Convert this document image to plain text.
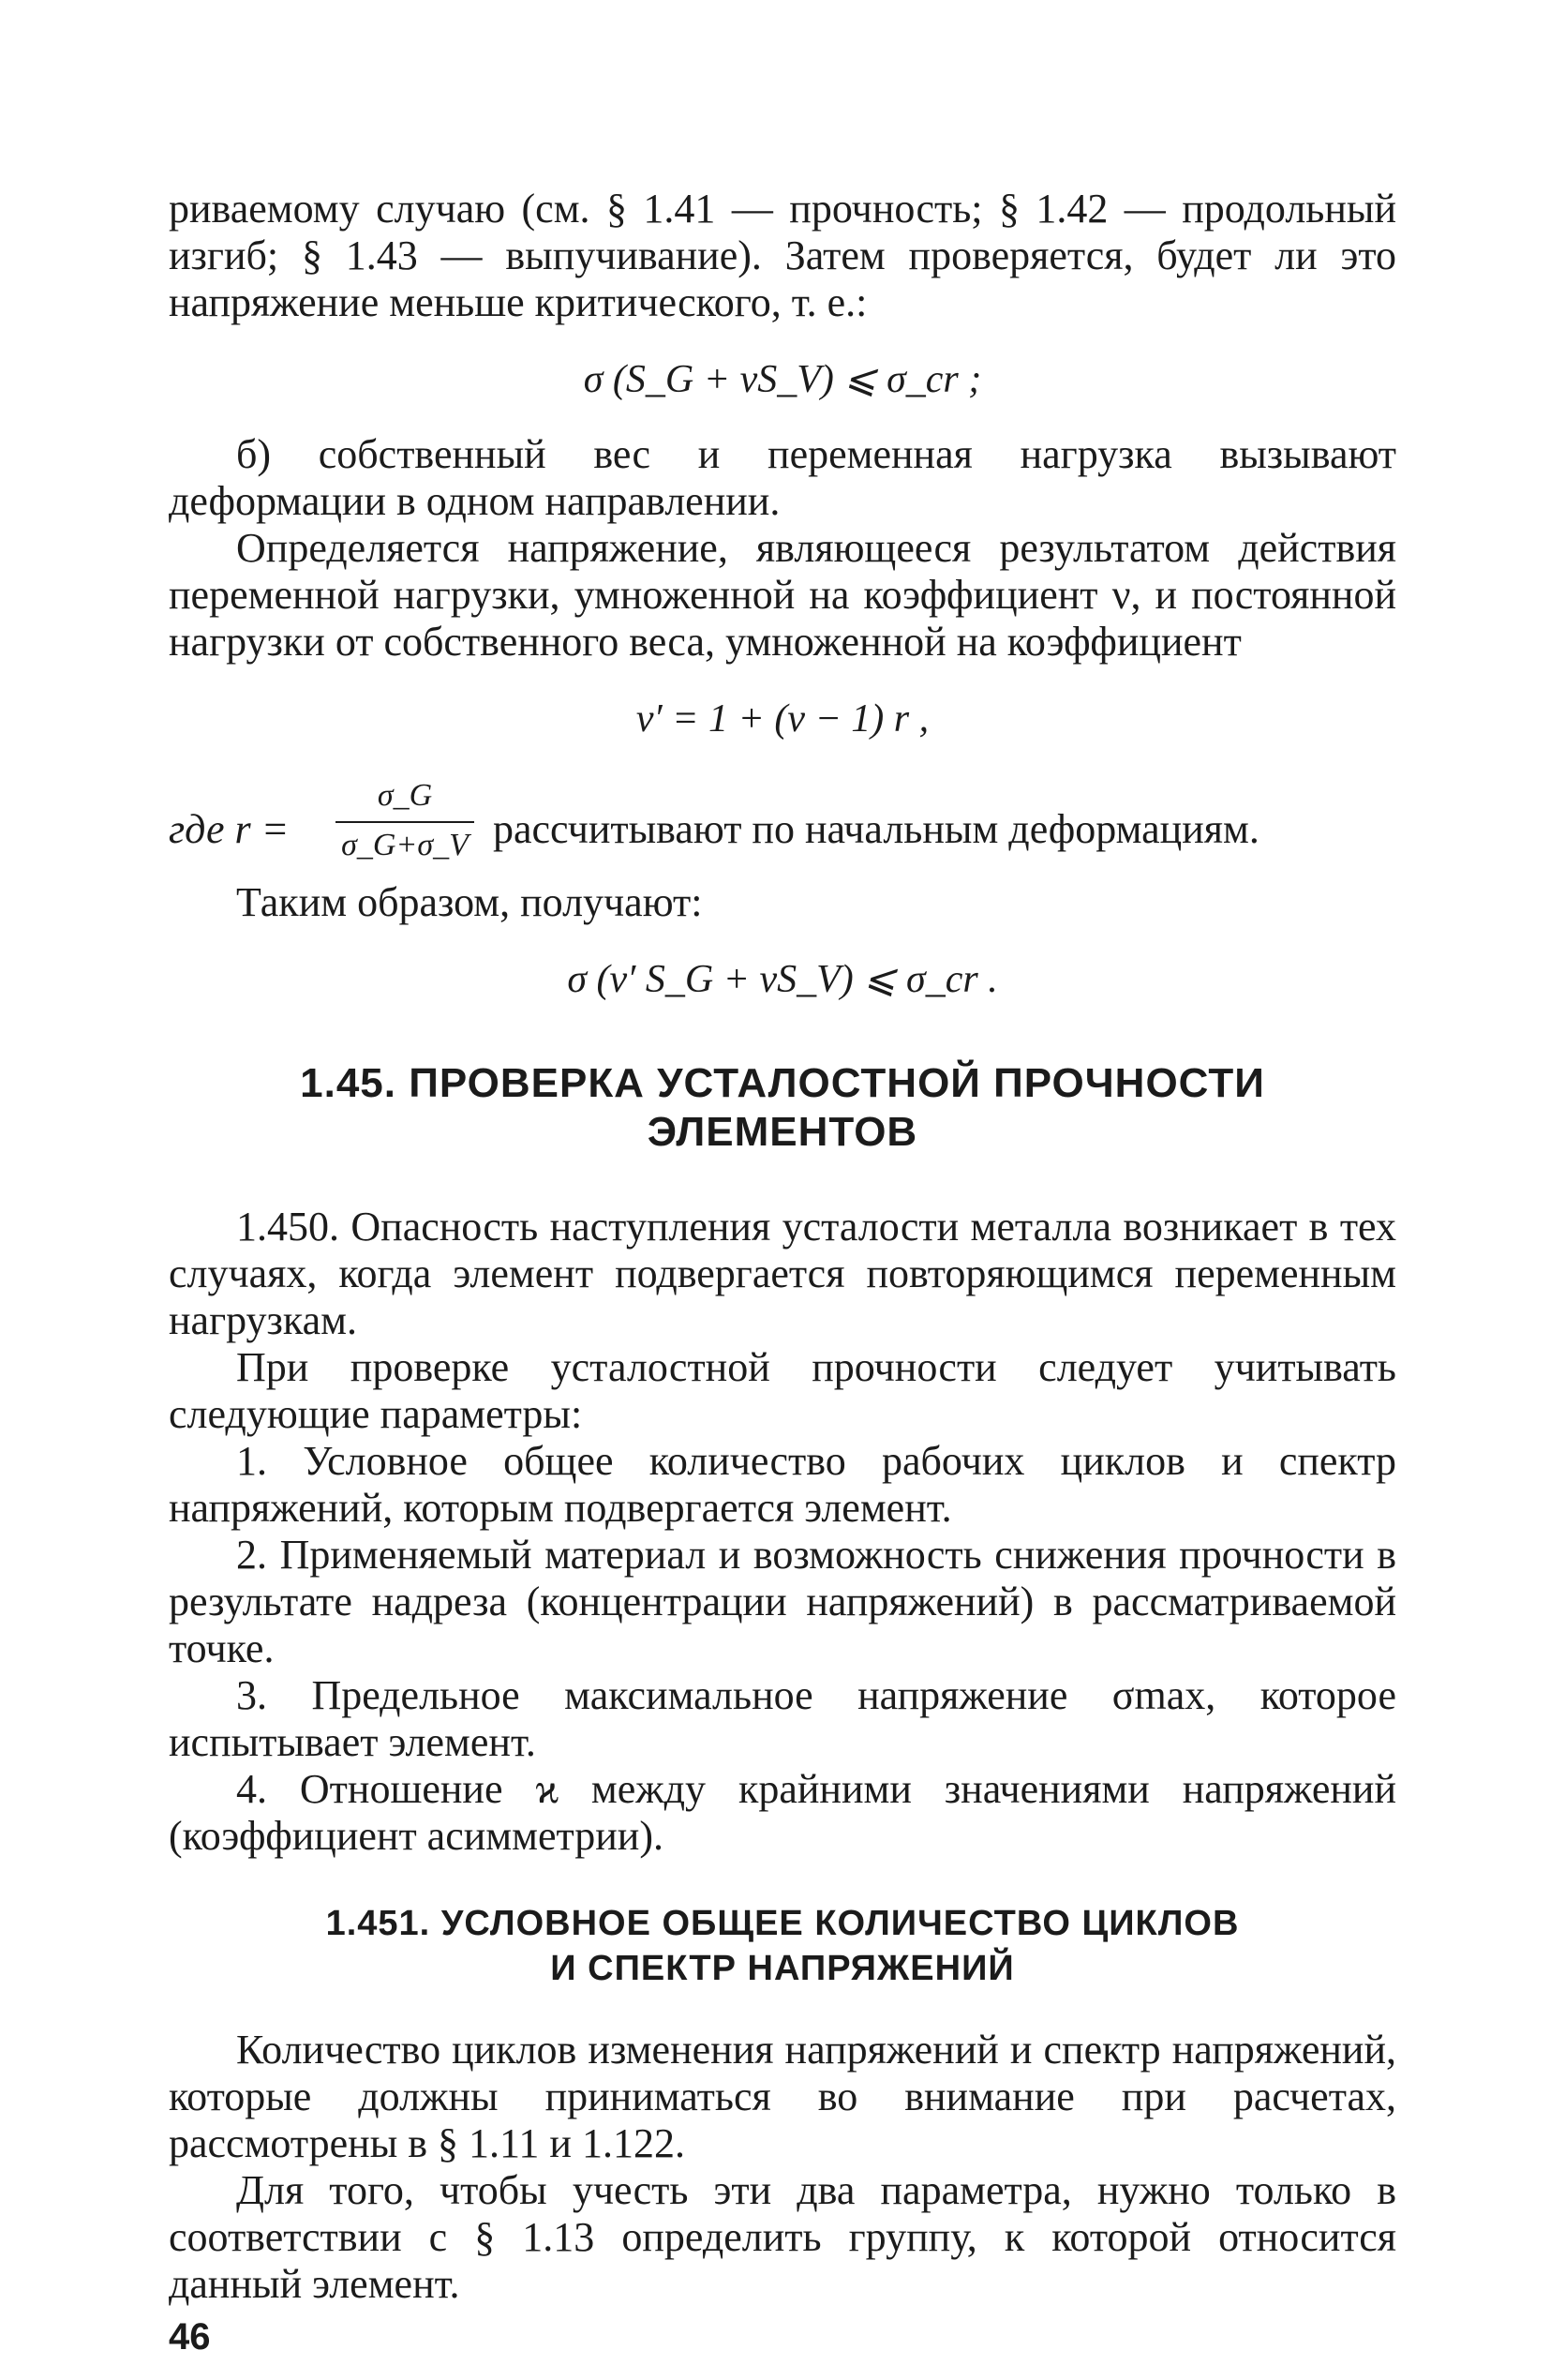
риваемому случаю (см. § 1.41 — прочность; § 1.42 — продольный изгиб; § 1.43 — выпучивание). Затем проверяется, будет ли это напряжение меньше критического, т. е.:

σ (S_G + νS_V) ⩽ σ_cr ;

б) собственный вес и переменная нагрузка вызывают деформации в одном направлении.

Определяется напряжение, являющееся результатом действия переменной нагрузки, умноженной на коэффициент ν, и постоянной нагрузки от собственного веса, умноженной на коэффициент

ν′ = 1 + (ν − 1) r ,
где r =
σ_G
σ_G+σ_V рассчитывают по начальным деформациям.

Таким образом, получают:

σ (ν′ S_G + νS_V) ⩽ σ_cr .
1.45. ПРОВЕРКА УСТАЛОСТНОЙ ПРОЧНОСТИ
ЭЛЕМЕНТОВ

1.450. Опасность наступления усталости металла возникает в тех случаях, когда элемент подвергается повторяющимся переменным нагрузкам.

При проверке усталостной прочности следует учитывать следующие параметры:

1. Условное общее количество рабочих циклов и спектр напряжений, которым подвергается элемент.

2. Применяемый материал и возможность снижения прочности в результате надреза (концентрации напряжений) в рассматриваемой точке.

3. Предельное максимальное напряжение σmax, которое испытывает элемент.

4. Отношение ϰ между крайними значениями напряжений (коэффициент асимметрии).

1.451. УСЛОВНОЕ ОБЩЕЕ КОЛИЧЕСТВО ЦИКЛОВ
И СПЕКТР НАПРЯЖЕНИЙ

Количество циклов изменения напряжений и спектр напряжений, которые должны приниматься во внимание при расчетах, рассмотрены в § 1.11 и 1.122.

Для того, чтобы учесть эти два параметра, нужно только в соответствии с § 1.13 определить группу, к которой относится данный элемент.

46
